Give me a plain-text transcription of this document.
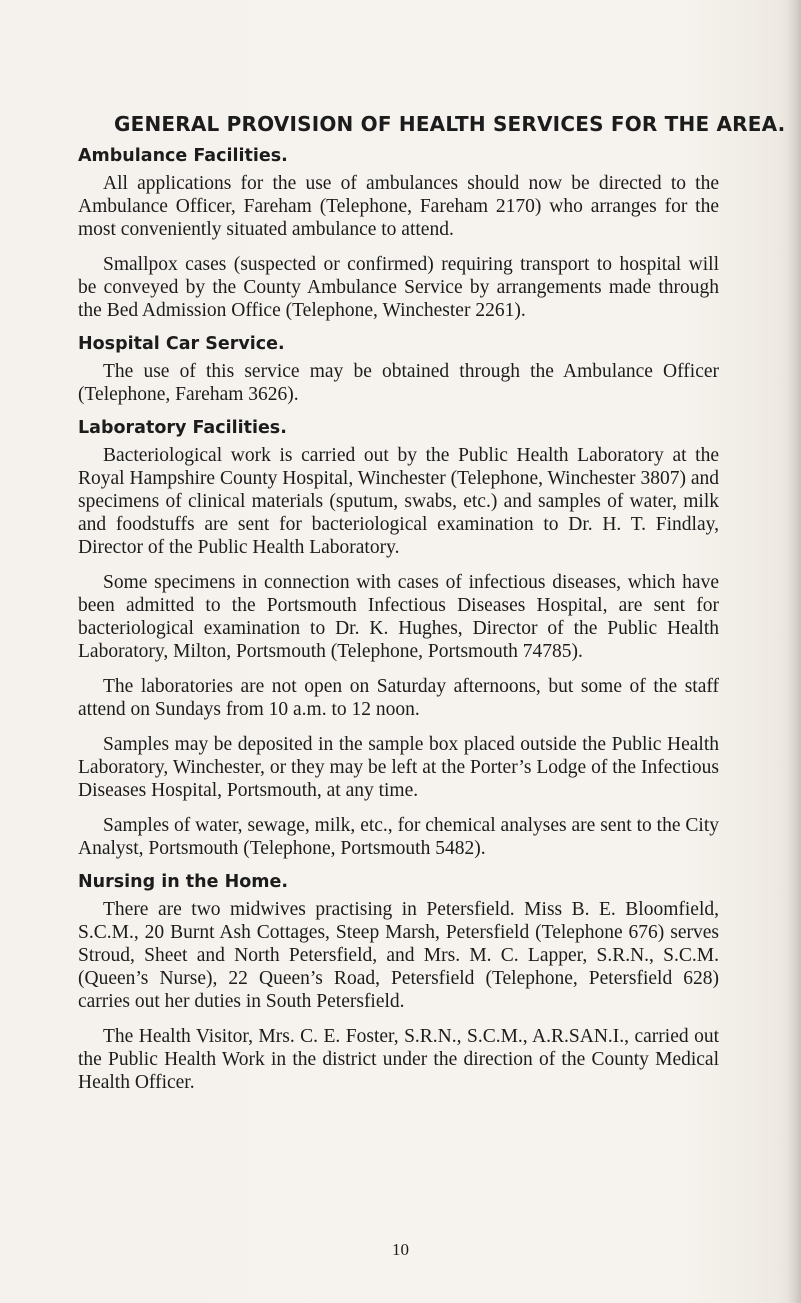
GENERAL PROVISION OF HEALTH SERVICES FOR THE AREA.
Ambulance Facilities.

All applications for the use of ambulances should now be directed to the Ambulance Officer, Fareham (Telephone, Fareham 2170) who arranges for the most conveniently situated ambulance to attend.

Smallpox cases (suspected or confirmed) requiring transport to hospital will be conveyed by the County Ambulance Service by arrangements made through the Bed Admission Office (Telephone, Winchester 2261).

Hospital Car Service.

The use of this service may be obtained through the Ambulance Officer (Telephone, Fareham 3626).

Laboratory Facilities.

Bacteriological work is carried out by the Public Health Laboratory at the Royal Hampshire County Hospital, Winchester (Telephone, Winchester 3807) and specimens of clinical materials (sputum, swabs, etc.) and samples of water, milk and foodstuffs are sent for bacteriological examination to Dr. H. T. Findlay, Director of the Public Health Laboratory.

Some specimens in connection with cases of infectious diseases, which have been admitted to the Portsmouth Infectious Diseases Hospital, are sent for bacteriological examination to Dr. K. Hughes, Director of the Public Health Laboratory, Milton, Portsmouth (Telephone, Portsmouth 74785).

The laboratories are not open on Saturday afternoons, but some of the staff attend on Sundays from 10 a.m. to 12 noon.

Samples may be deposited in the sample box placed outside the Public Health Laboratory, Winchester, or they may be left at the Porter’s Lodge of the Infectious Diseases Hospital, Portsmouth, at any time.

Samples of water, sewage, milk, etc., for chemical analyses are sent to the City Analyst, Portsmouth (Telephone, Portsmouth 5482).

Nursing in the Home.

There are two midwives practising in Petersfield. Miss B. E. Bloomfield, S.C.M., 20 Burnt Ash Cottages, Steep Marsh, Petersfield (Telephone 676) serves Stroud, Sheet and North Petersfield, and Mrs. M. C. Lapper, S.R.N., S.C.M. (Queen’s Nurse), 22 Queen’s Road, Petersfield (Telephone, Petersfield 628) carries out her duties in South Petersfield.

The Health Visitor, Mrs. C. E. Foster, S.R.N., S.C.M., A.R.SAN.I., carried out the Public Health Work in the district under the direction of the County Medical Health Officer.

10
